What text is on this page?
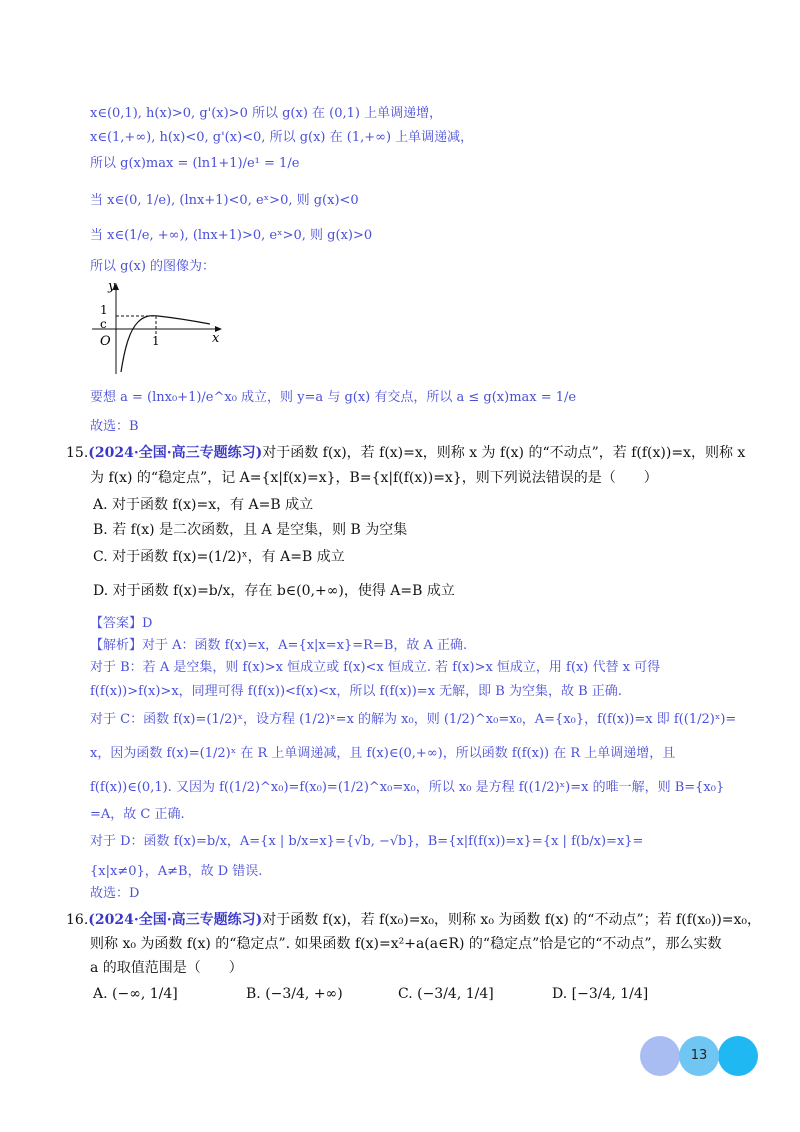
x∈(0,1), h(x)>0, g'(x)>0 所以 g(x) 在 (0,1) 上单调递增，
x∈(1,+∞), h(x)<0, g'(x)<0, 所以 g(x) 在 (1,+∞) 上单调递减，
所以 g(x)max = (ln1+1)/e¹ = 1/e
当 x∈(0, 1/e), (lnx+1)<0, eˣ>0, 则 g(x)<0
当 x∈(1/e, +∞), (lnx+1)>0, eˣ>0, 则 g(x)>0
所以 g(x) 的图像为：
y
1
c
O	1	x
要想 a = (lnx₀+1)/e^x₀ 成立，则 y=a 与 g(x) 有交点，所以 a ≤ g(x)max = 1/e
故选：B
15.(2024·全国·高三专题练习)对于函数 f(x)，若 f(x)=x，则称 x 为 f(x) 的“不动点”，若 f(f(x))=x，则称 x
为 f(x) 的“稳定点”，记 A={x|f(x)=x}，B={x|f(f(x))=x}，则下列说法错误的是（　　）
A. 对于函数 f(x)=x，有 A=B 成立
B. 若 f(x) 是二次函数，且 A 是空集，则 B 为空集
C. 对于函数 f(x)=(1/2)ˣ，有 A=B 成立
D. 对于函数 f(x)=b/x，存在 b∈(0,+∞)，使得 A=B 成立
【答案】D
【解析】对于 A：函数 f(x)=x，A={x|x=x}=R=B，故 A 正确.
对于 B：若 A 是空集，则 f(x)>x 恒成立或 f(x)<x 恒成立. 若 f(x)>x 恒成立，用 f(x) 代替 x 可得
f(f(x))>f(x)>x，同理可得 f(f(x))<f(x)<x，所以 f(f(x))=x 无解，即 B 为空集，故 B 正确.
对于 C：函数 f(x)=(1/2)ˣ，设方程 (1/2)ˣ=x 的解为 x₀，则 (1/2)^x₀=x₀，A={x₀}，f(f(x))=x 即 f((1/2)ˣ)=
x，因为函数 f(x)=(1/2)ˣ 在 R 上单调递减，且 f(x)∈(0,+∞)，所以函数 f(f(x)) 在 R 上单调递增，且
f(f(x))∈(0,1). 又因为 f((1/2)^x₀)=f(x₀)=(1/2)^x₀=x₀，所以 x₀ 是方程 f((1/2)ˣ)=x 的唯一解，则 B={x₀}
=A，故 C 正确.
对于 D：函数 f(x)=b/x，A={x | b/x=x}={√b, −√b}，B={x|f(f(x))=x}={x | f(b/x)=x}=
{x|x≠0}，A≠B，故 D 错误.
故选：D
16.(2024·全国·高三专题练习)对于函数 f(x)，若 f(x₀)=x₀，则称 x₀ 为函数 f(x) 的“不动点”；若 f(f(x₀))=x₀，
则称 x₀ 为函数 f(x) 的“稳定点”. 如果函数 f(x)=x²+a(a∈R) 的“稳定点”恰是它的“不动点”，那么实数
a 的取值范围是（　　）
A. (−∞, 1/4]	B. (−3/4, +∞)	C. (−3/4, 1/4]	D. [−3/4, 1/4]
13
